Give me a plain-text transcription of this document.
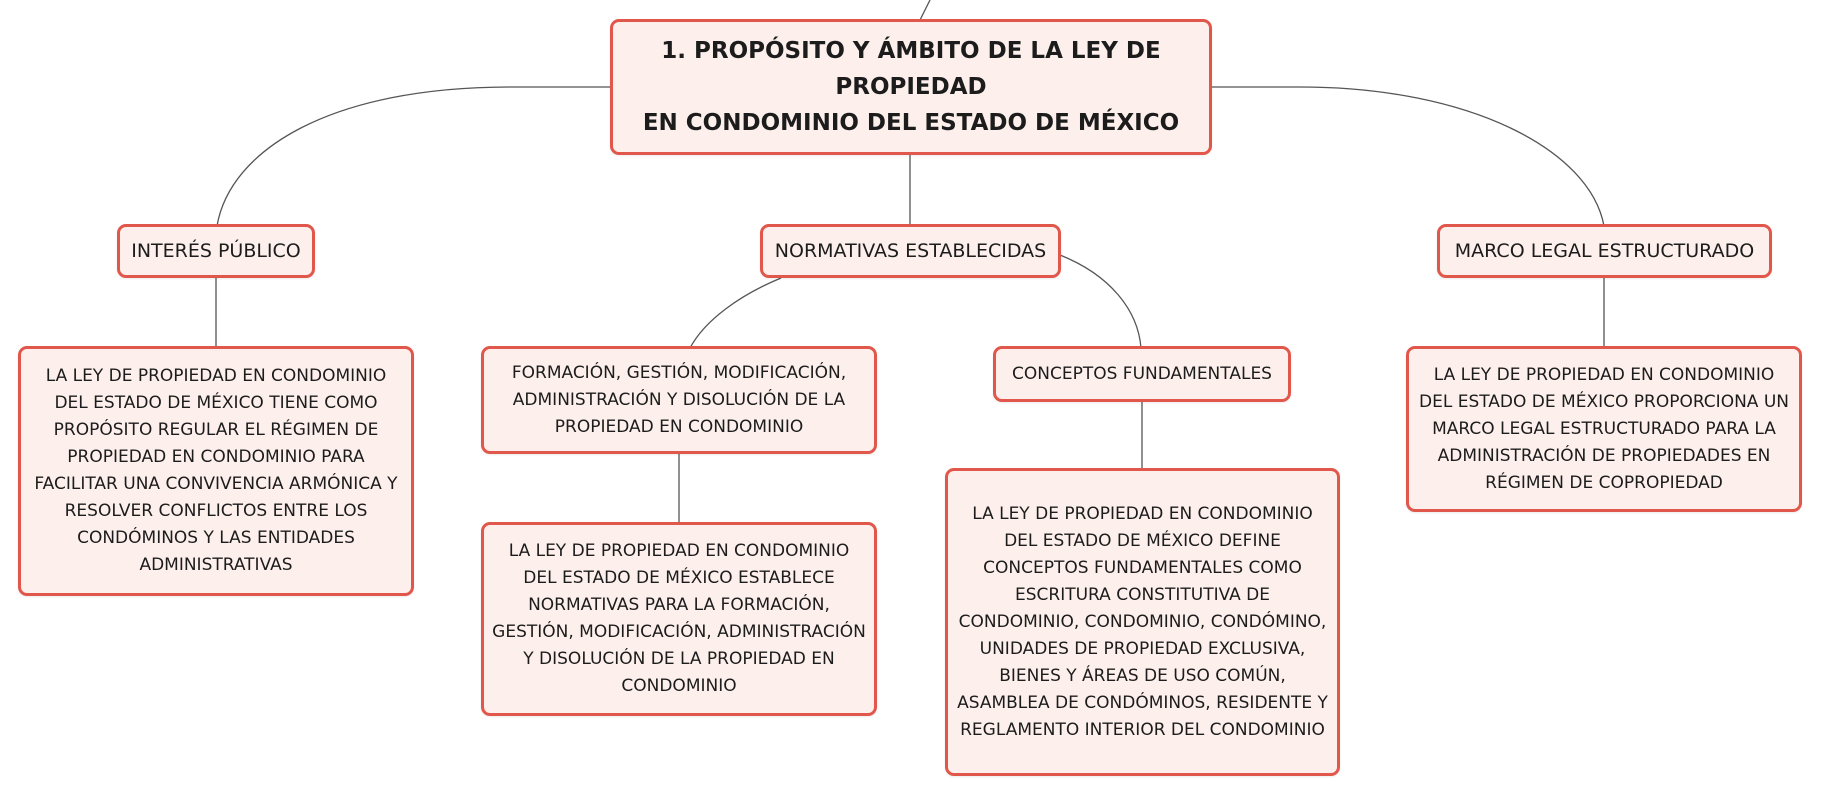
1. PROPÓSITO Y ÁMBITO DE LA LEY DE PROPIEDAD
EN CONDOMINIO DEL ESTADO DE MÉXICO
INTERÉS PÚBLICO	NORMATIVAS ESTABLECIDAS	MARCO LEGAL ESTRUCTURADO
LA LEY DE PROPIEDAD EN CONDOMINIO DEL ESTADO DE MÉXICO TIENE COMO PROPÓSITO REGULAR EL RÉGIMEN DE PROPIEDAD EN CONDOMINIO PARA FACILITAR UNA CONVIVENCIA ARMÓNICA Y RESOLVER CONFLICTOS ENTRE LOS CONDÓMINOS Y LAS ENTIDADES ADMINISTRATIVAS
FORMACIÓN, GESTIÓN, MODIFICACIÓN, ADMINISTRACIÓN Y DISOLUCIÓN DE LA PROPIEDAD EN CONDOMINIO
CONCEPTOS FUNDAMENTALES
LA LEY DE PROPIEDAD EN CONDOMINIO DEL ESTADO DE MÉXICO ESTABLECE NORMATIVAS PARA LA FORMACIÓN, GESTIÓN, MODIFICACIÓN, ADMINISTRACIÓN Y DISOLUCIÓN DE LA PROPIEDAD EN CONDOMINIO
LA LEY DE PROPIEDAD EN CONDOMINIO DEL ESTADO DE MÉXICO DEFINE CONCEPTOS FUNDAMENTALES COMO ESCRITURA CONSTITUTIVA DE CONDOMINIO, CONDOMINIO, CONDÓMINO, UNIDADES DE PROPIEDAD EXCLUSIVA, BIENES Y ÁREAS DE USO COMÚN, ASAMBLEA DE CONDÓMINOS, RESIDENTE Y REGLAMENTO INTERIOR DEL CONDOMINIO
LA LEY DE PROPIEDAD EN CONDOMINIO DEL ESTADO DE MÉXICO PROPORCIONA UN MARCO LEGAL ESTRUCTURADO PARA LA ADMINISTRACIÓN DE PROPIEDADES EN RÉGIMEN DE COPROPIEDAD
